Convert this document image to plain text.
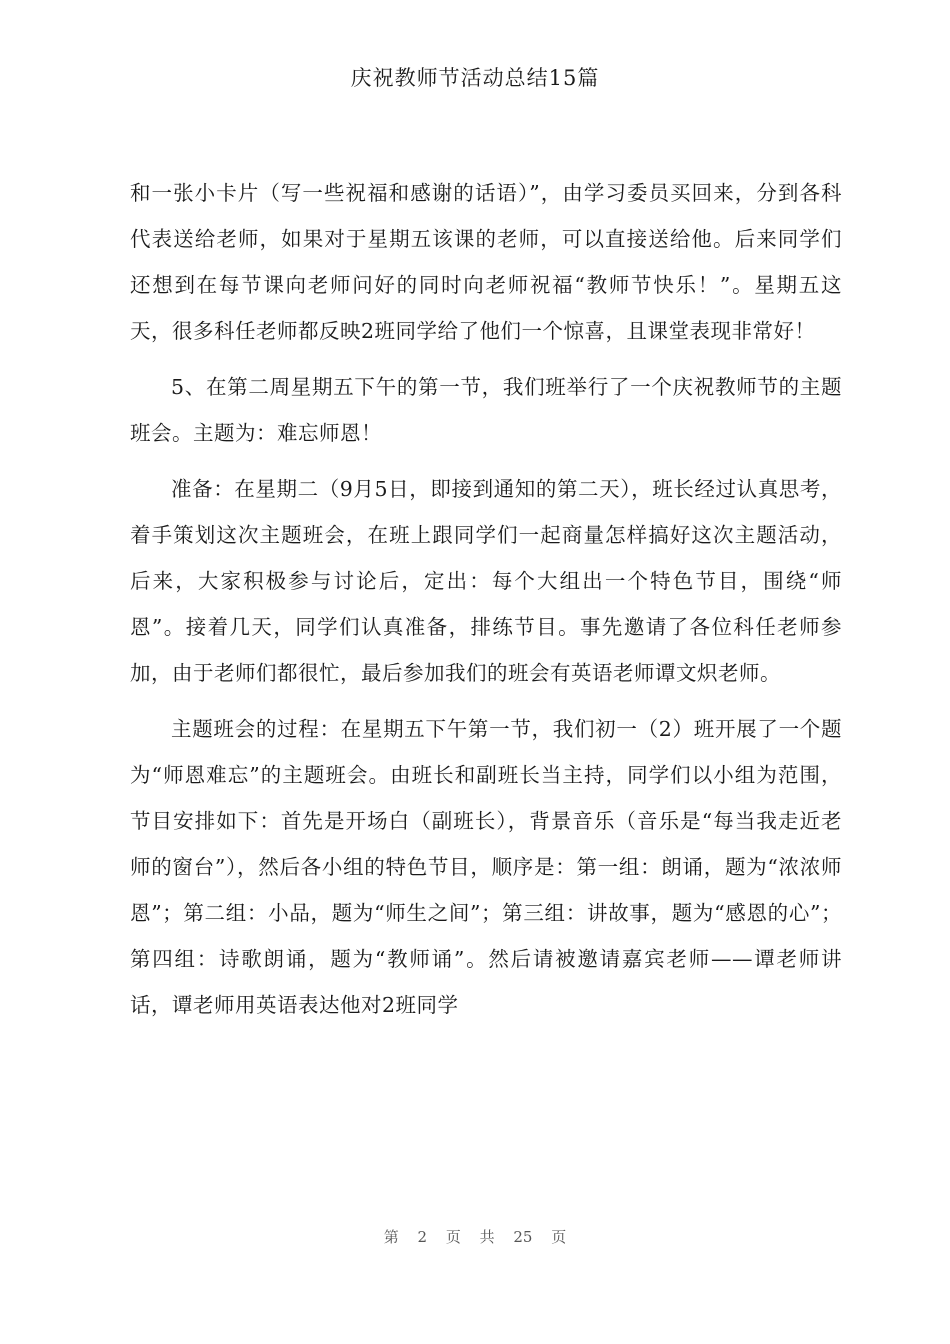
庆祝教师节活动总结15篇

和一张小卡片（写一些祝福和感谢的话语）”，由学习委员买回来，分到各科代表送给老师，如果对于星期五该课的老师，可以直接送给他。后来同学们还想到在每节课向老师问好的同时向老师祝福“教师节快乐！”。星期五这天，很多科任老师都反映2班同学给了他们一个惊喜，且课堂表现非常好！

5、在第二周星期五下午的第一节，我们班举行了一个庆祝教师节的主题班会。主题为：难忘师恩！

准备：在星期二（9月5日，即接到通知的第二天），班长经过认真思考，着手策划这次主题班会，在班上跟同学们一起商量怎样搞好这次主题活动，后来，大家积极参与讨论后，定出：每个大组出一个特色节目，围绕“师恩”。接着几天，同学们认真准备，排练节目。事先邀请了各位科任老师参加，由于老师们都很忙，最后参加我们的班会有英语老师谭文炽老师。

主题班会的过程：在星期五下午第一节，我们初一（2）班开展了一个题为“师恩难忘”的主题班会。由班长和副班长当主持，同学们以小组为范围，节目安排如下：首先是开场白（副班长），背景音乐（音乐是“每当我走近老师的窗台”），然后各小组的特色节目，顺序是：第一组：朗诵，题为“浓浓师恩”；第二组：小品，题为“师生之间”；第三组：讲故事，题为“感恩的心”；第四组：诗歌朗诵，题为“教师诵”。然后请被邀请嘉宾老师——谭老师讲话，谭老师用英语表达他对2班同学

第 2 页 共 25 页
